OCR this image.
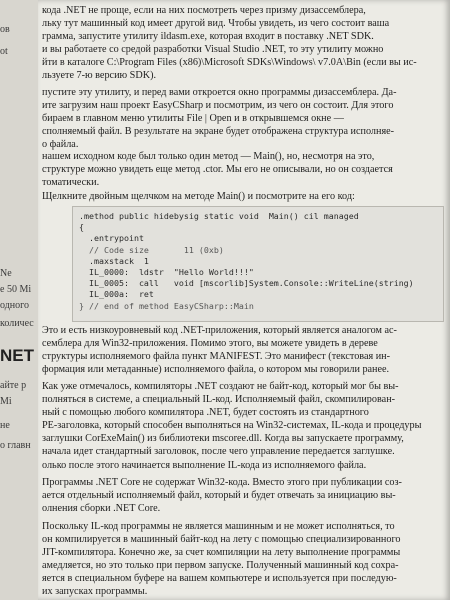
ов
ot
Ne
е 50 Mi
одного
количес
NET
айте р
Mi
не
о главн
кода .NET не проще, если на них посмотреть через призму дизассемблера,
льку тут машинный код имеет другой вид. Чтобы увидеть, из чего состоит ваша
грамма, запустите утилиту ildasm.exe, которая входит в поставку .NET SDK.
и вы работаете со средой разработки Visual Studio .NET, то эту утилиту можно
йти в каталоге C:\Program Files (x86)\Microsoft SDKs\Windows\ v7.0A\Bin (если вы ис-
льзуете 7-ю версию SDK).
пустите эту утилиту, и перед вами откроется окно программы дизассемблера. Да-
ите загрузим наш проект EasyCSharp и посмотрим, из чего он состоит. Для этого
бираем в главном меню утилиты File | Open и в открывшемся окне —
сполняемый файл. В результате на экране будет отображена структура исполняе-
о файла.
нашем исходном коде был только один метод — Main(), но, несмотря на это,
структуре можно увидеть еще метод .ctor. Мы его не описывали, но он создается
томатически.
Щелкните двойным щелчком на методе Main() и посмотрите на его код:
.method public hidebysig static void  Main() cil managed
{
.entrypoint
// Code size       11 (0xb)
.maxstack  1
IL_0000:  ldstr  "Hello World!!!"
IL_0005:  call   void [mscorlib]System.Console::WriteLine(string)
IL_000a:  ret
} // end of method EasyCSharp::Main
Это и есть низкоуровневый код .NET-приложения, который является аналогом ас-
семблера для Win32-приложения. Помимо этого, вы можете увидеть в дереве
структуры исполняемого файла пункт MANIFEST. Это манифест (текстовая ин-
формация или метаданные) исполняемого файла, о котором мы говорили ранее.
Как уже отмечалось, компиляторы .NET создают не байт-код, который мог бы вы-
полняться в системе, а специальный IL-код. Исполняемый файл, скомпилирован-
ный с помощью любого компилятора .NET, будет состоять из стандартного
PE-заголовка, который способен выполняться на Win32-системах, IL-кода и процедуры
заглушки CorExeMain() из библиотеки mscoree.dll. Когда вы запускаете программу,
начала идет стандартный заголовок, после чего управление передается заглушке.
олько после этого начинается выполнение IL-кода из исполняемого файла.
Программы .NET Core не содержат Win32-кода. Вместо этого при публикации соз-
ается отдельный исполняемый файл, который и будет отвечать за инициацию вы-
олнения сборки .NET Core.
Поскольку IL-код программы не является машинным и не может исполняться, то
он компилируется в машинный байт-код на лету с помощью специализированного
JIT-компилятора. Конечно же, за счет компиляции на лету выполнение программы
амедляется, но это только при первом запуске. Полученный машинный код сохра-
яется в специальном буфере на вашем компьютере и используется при последую-
их запусках программы.
